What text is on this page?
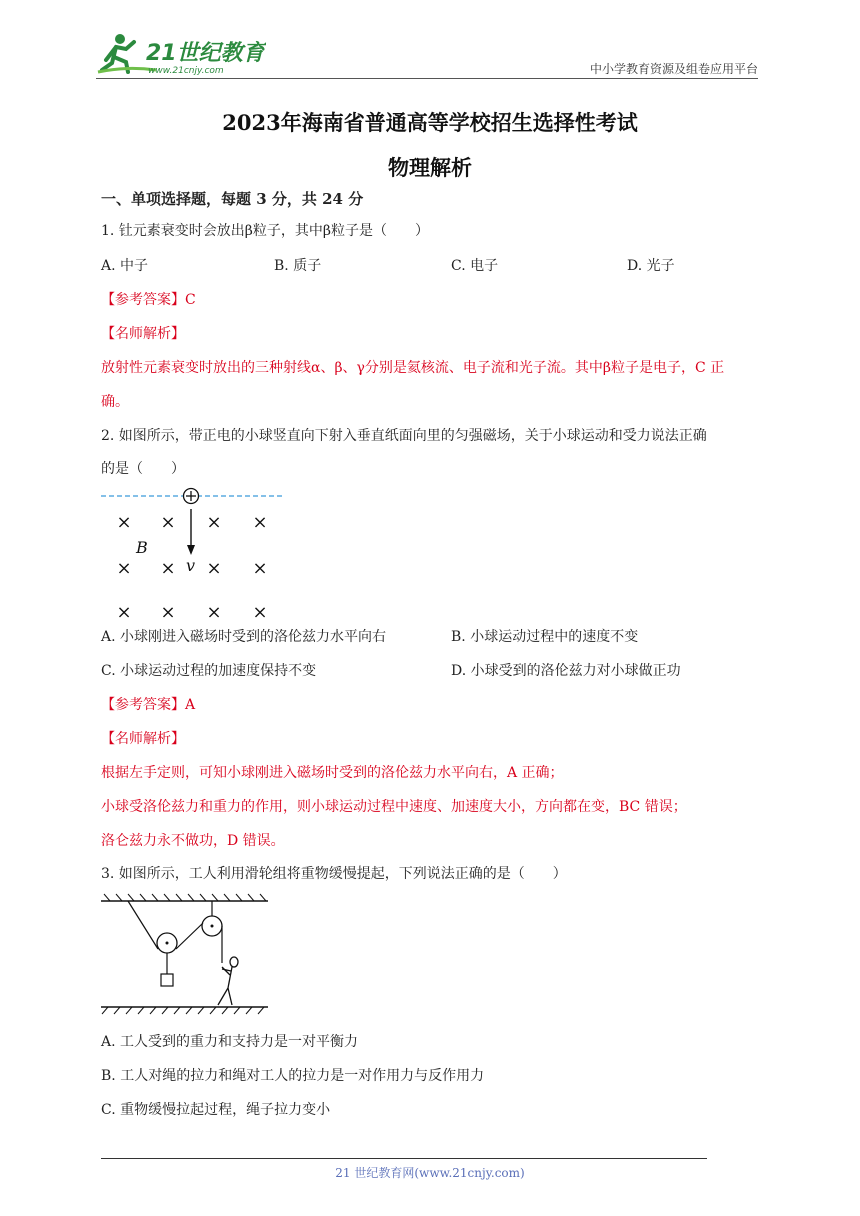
21世纪教育
www.21cnjy.com	中小学教育资源及组卷应用平台
2023年海南省普通高等学校招生选择性考试
物理解析
一、单项选择题，每题 3 分，共 24 分
1. 钍元素衰变时会放出β粒子，其中β粒子是（　　）
A. 中子	B. 质子	C. 电子	D. 光子
【参考答案】C
【名师解析】
放射性元素衰变时放出的三种射线α、β、γ分别是氦核流、电子流和光子流。其中β粒子是电子，C 正
确。
2. 如图所示，带正电的小球竖直向下射入垂直纸面向里的匀强磁场，关于小球运动和受力说法正确
的是（　　）
× × × ×
× × × ×
× × × ×
B
v
A. 小球刚进入磁场时受到的洛伦兹力水平向右	B. 小球运动过程中的速度不变
C. 小球运动过程的加速度保持不变	D. 小球受到的洛伦兹力对小球做正功
【参考答案】A
【名师解析】
根据左手定则，可知小球刚进入磁场时受到的洛伦兹力水平向右，A 正确；
小球受洛伦兹力和重力的作用，则小球运动过程中速度、加速度大小，方向都在变，BC 错误；
洛仑兹力永不做功，D 错误。
3. 如图所示，工人利用滑轮组将重物缓慢提起，下列说法正确的是（　　）
A. 工人受到的重力和支持力是一对平衡力
B. 工人对绳的拉力和绳对工人的拉力是一对作用力与反作用力
C. 重物缓慢拉起过程，绳子拉力变小
21 世纪教育网(www.21cnjy.com)
